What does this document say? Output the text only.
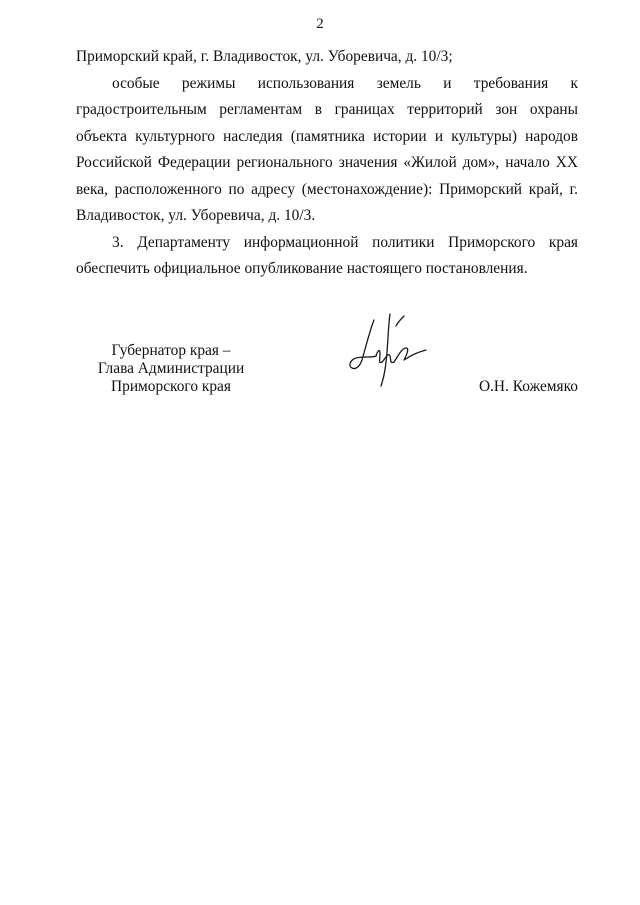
2

Приморский край, г. Владивосток, ул. Уборевича, д. 10/3;

особые режимы использования земель и требования к градостроительным регламентам в границах территорий зон охраны объекта культурного наследия (памятника истории и культуры) народов Российской Федерации регионального значения «Жилой дом», начало XX века, расположенного по адресу (местонахождение): Приморский край, г. Владивосток, ул. Уборевича, д. 10/3.

3. Департаменту информационной политики Приморского края обеспечить официальное опубликование настоящего постановления.

Губернатор края –
Глава Администрации
Приморского края	О.Н. Кожемяко
